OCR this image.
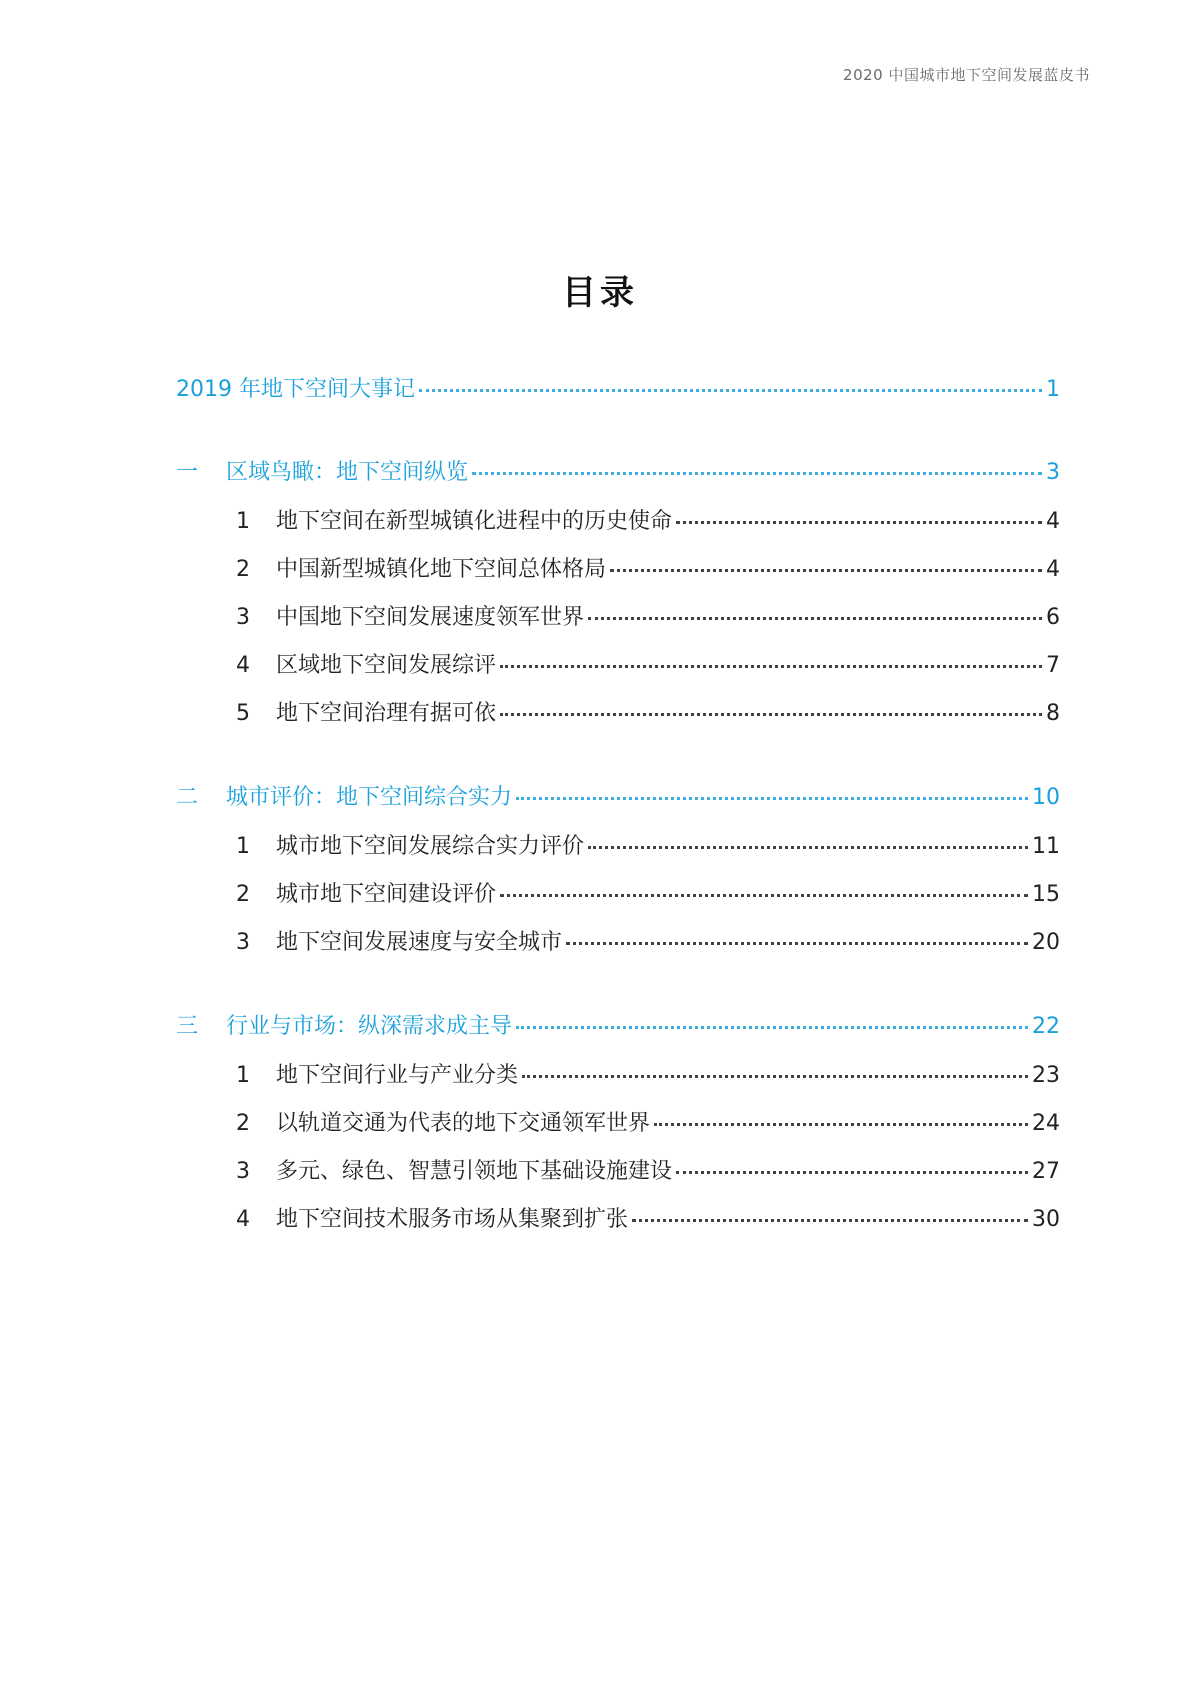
2020 中国城市地下空间发展蓝皮书
目录
2019 年地下空间大事记	1
一	区域鸟瞰：地下空间纵览	3
1	地下空间在新型城镇化进程中的历史使命	4
2	中国新型城镇化地下空间总体格局	4
3	中国地下空间发展速度领军世界	6
4	区域地下空间发展综评	7
5	地下空间治理有据可依	8
二	城市评价：地下空间综合实力	10
1	城市地下空间发展综合实力评价	11
2	城市地下空间建设评价	15
3	地下空间发展速度与安全城市	20
三	行业与市场：纵深需求成主导	22
1	地下空间行业与产业分类	23
2	以轨道交通为代表的地下交通领军世界	24
3	多元、绿色、智慧引领地下基础设施建设	27
4	地下空间技术服务市场从集聚到扩张	30
